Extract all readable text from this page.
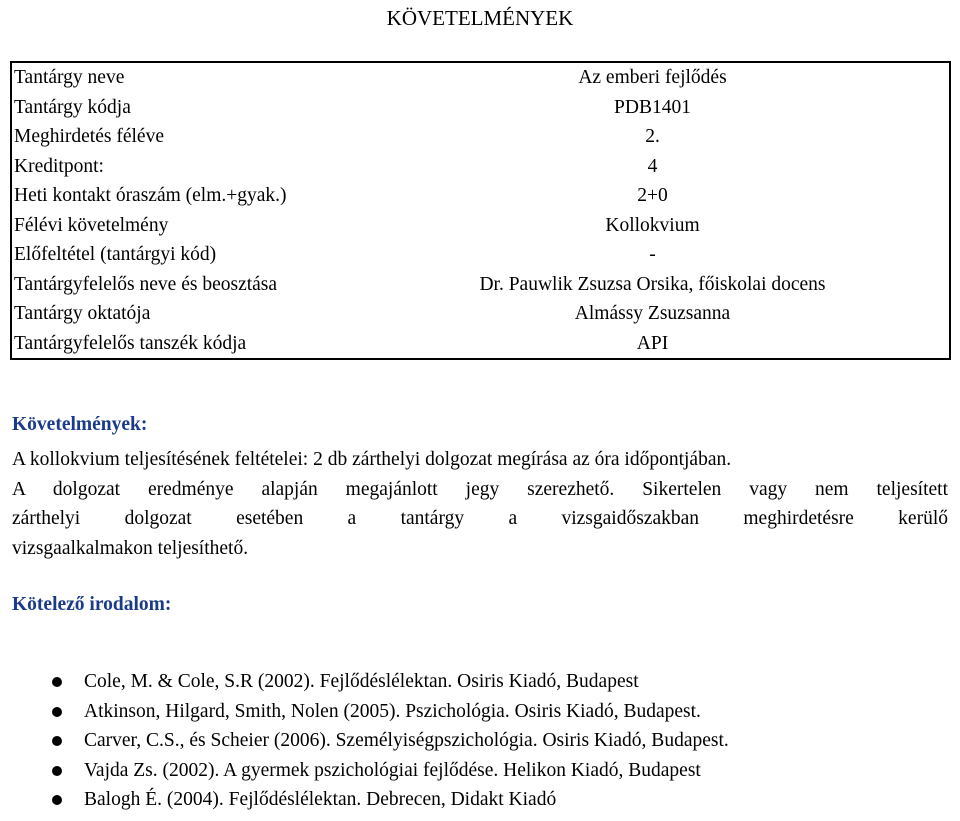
KÖVETELMÉNYEK
Tantárgy neve	Az emberi fejlődés
Tantárgy kódja	PDB1401
Meghirdetés féléve	2.
Kreditpont:	4
Heti kontakt óraszám (elm.+gyak.)	2+0
Félévi követelmény	Kollokvium
Előfeltétel (tantárgyi kód)	-
Tantárgyfelelős neve és beosztása	Dr. Pauwlik Zsuzsa Orsika, főiskolai docens
Tantárgy oktatója	Almássy Zsuzsanna
Tantárgyfelelős tanszék kódja	API
Követelmények:
A kollokvium teljesítésének feltételei: 2 db zárthelyi dolgozat megírása az óra időpontjában.
A dolgozat eredménye alapján megajánlott jegy szerezhető. Sikertelen vagy nem teljesített
zárthelyi dolgozat esetében a tantárgy a vizsgaidőszakban meghirdetésre kerülő
vizsgaalkalmakon teljesíthető.
Kötelező irodalom:
Cole, M. & Cole, S.R (2002). Fejlődéslélektan. Osiris Kiadó, Budapest
Atkinson, Hilgard, Smith, Nolen (2005). Pszichológia. Osiris Kiadó, Budapest.
Carver, C.S., és Scheier (2006). Személyiségpszichológia. Osiris Kiadó, Budapest.
Vajda Zs. (2002). A gyermek pszichológiai fejlődése. Helikon Kiadó, Budapest
Balogh É. (2004). Fejlődéslélektan. Debrecen, Didakt Kiadó
